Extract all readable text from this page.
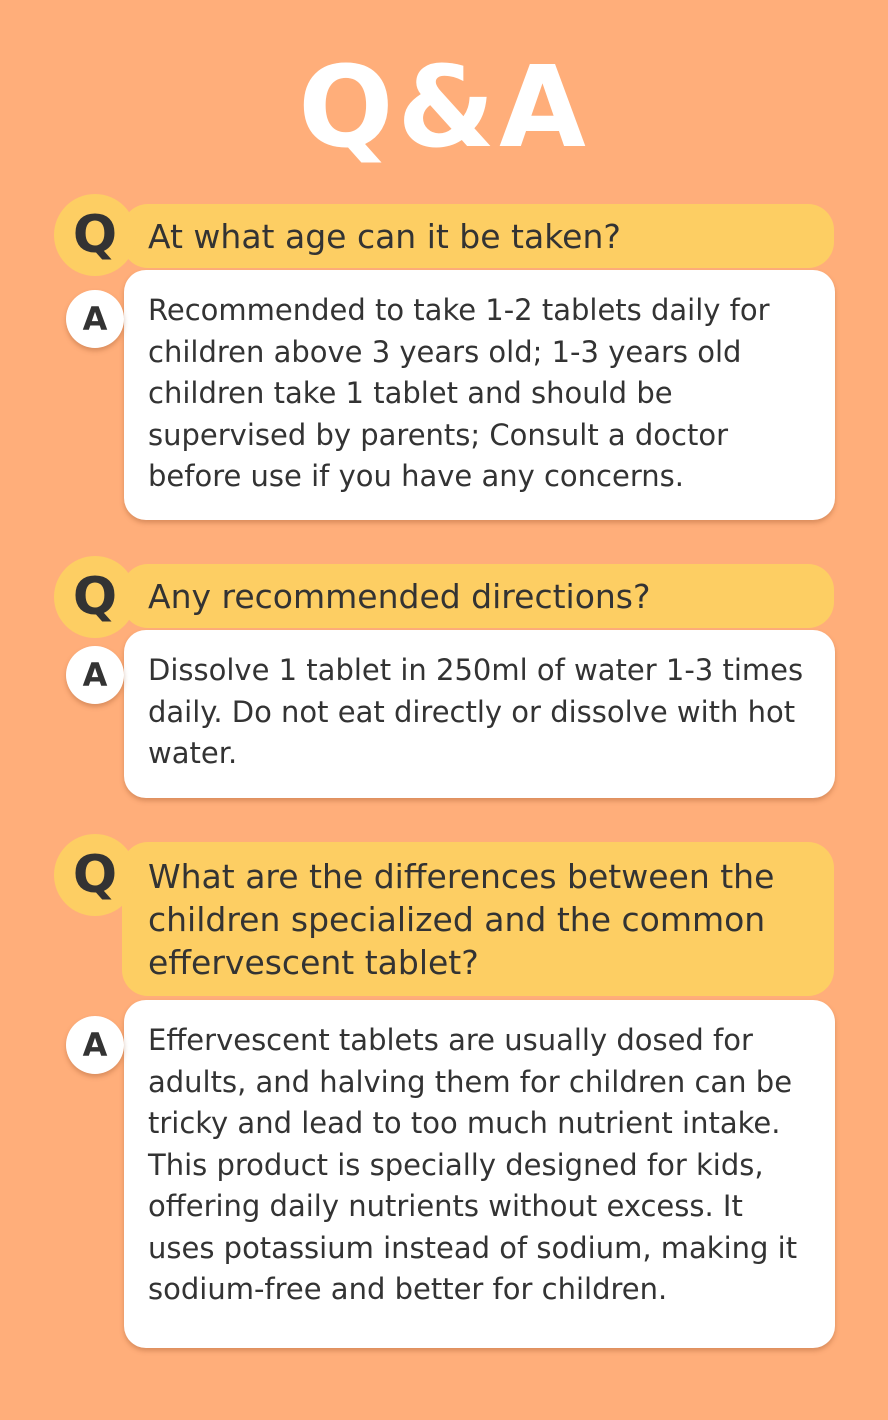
Q&A
At what age can it be taken?
Q
Recommended to take 1-2 tablets daily for children above 3 years old; 1-3 years old children take 1 tablet and should be supervised by parents; Consult a doctor before use if you have any concerns.
A
Any recommended directions?
Q
Dissolve 1 tablet in 250ml of water 1-3 times daily. Do not eat directly or dissolve with hot water.
A
What are the differences between the children specialized and the common effervescent tablet?
Q
Effervescent tablets are usually dosed for adults, and halving them for children can be tricky and lead to too much nutrient intake. This product is specially designed for kids, offering daily nutrients without excess. It uses potassium instead of sodium, making it sodium-free and better for children.
A
